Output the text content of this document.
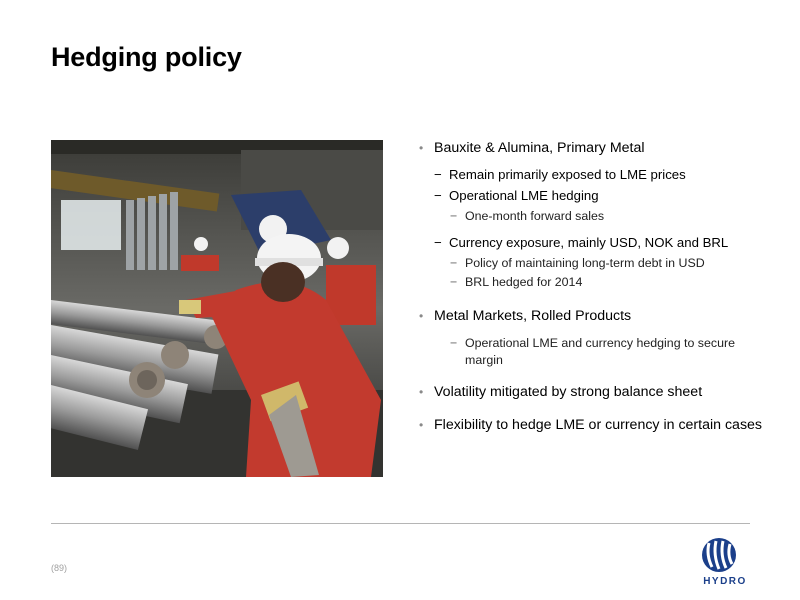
Hedging policy
• Bauxite & Alumina, Primary Metal
− Remain primarily exposed to LME prices
− Operational LME hedging
− One-month forward sales
− Currency exposure, mainly USD, NOK and BRL
− Policy of maintaining long-term debt in USD
− BRL hedged for 2014
• Metal Markets, Rolled Products
− Operational LME and currency hedging to secure margin
• Volatility mitigated by strong balance sheet
• Flexibility to hedge LME or currency in certain cases
(89)
HYDRO
